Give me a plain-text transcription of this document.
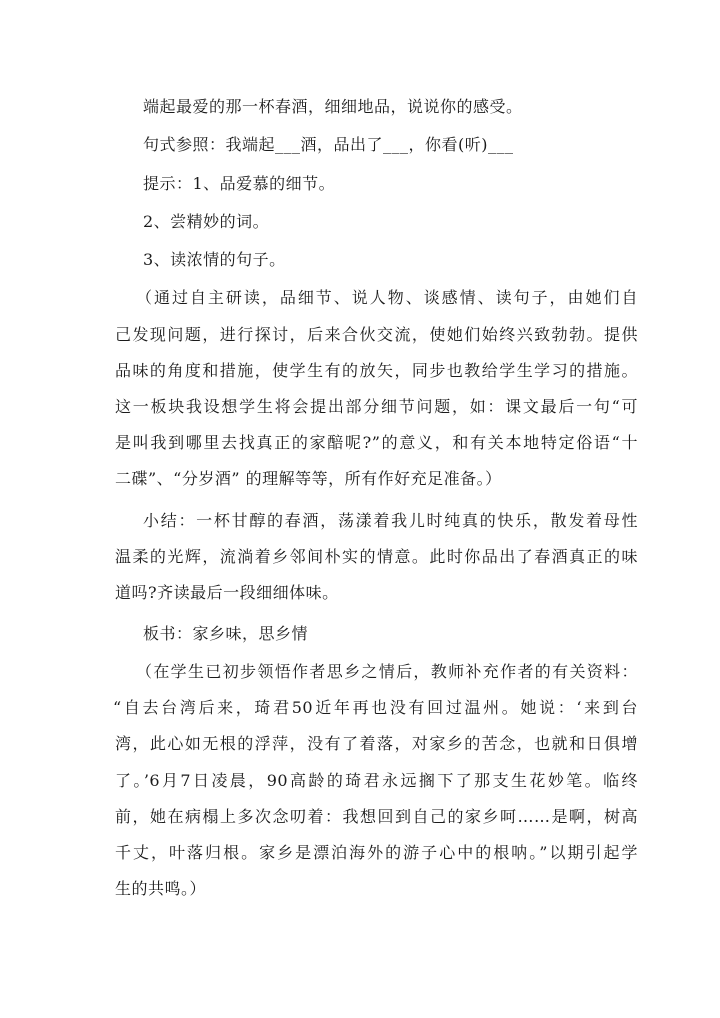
端起最爱的那一杯春酒，细细地品，说说你的感受。
句式参照：我端起___酒，品出了___，你看(听)___
提示：1、品爱慕的细节。
2、尝精妙的词。
3、读浓情的句子。
（通过自主研读，品细节、说人物、谈感情、读句子，由她们自
己发现问题，进行探讨，后来合伙交流，使她们始终兴致勃勃。提供
品味的角度和措施，使学生有的放矢，同步也教给学生学习的措施。
这一板块我设想学生将会提出部分细节问题，如：课文最后一句“可
是叫我到哪里去找真正的家醅呢?”的意义，和有关本地特定俗语“十
二碟”、“分岁酒” 的理解等等，所有作好充足准备。）
小结：一杯甘醇的春酒，荡漾着我儿时纯真的快乐，散发着母性
温柔的光辉，流淌着乡邻间朴实的情意。此时你品出了春酒真正的味
道吗?齐读最后一段细细体味。
板书：家乡味，思乡情
（在学生已初步领悟作者思乡之情后，教师补充作者的有关资料：
“自去台湾后来，琦君50近年再也没有回过温州。她说：‘来到台
湾，此心如无根的浮萍，没有了着落，对家乡的苦念，也就和日俱增
了。’6月7日凌晨，90高龄的琦君永远搁下了那支生花妙笔。临终
前，她在病榻上多次念叨着：我想回到自己的家乡呵……是啊，树高
千丈，叶落归根。家乡是漂泊海外的游子心中的根呐。”以期引起学
生的共鸣。）
